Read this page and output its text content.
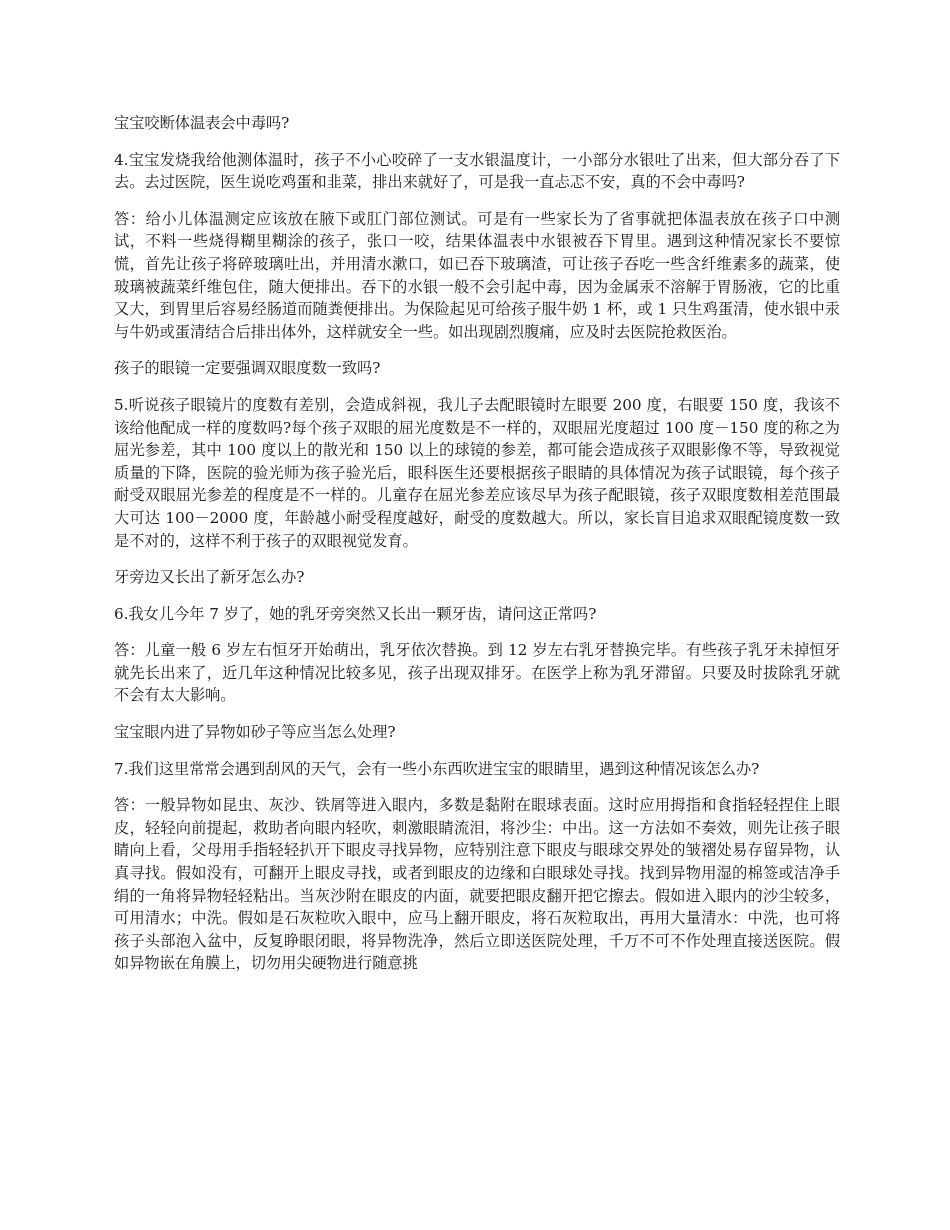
宝宝咬断体温表会中毒吗?

4.宝宝发烧我给他测体温时，孩子不小心咬碎了一支水银温度计，一小部分水银吐了出来，但大部分吞了下去。去过医院，医生说吃鸡蛋和韭菜，排出来就好了，可是我一直忐忑不安，真的不会中毒吗?

答：给小儿体温测定应该放在腋下或肛门部位测试。可是有一些家长为了省事就把体温表放在孩子口中测试，不料一些烧得糊里糊涂的孩子，张口一咬，结果体温表中水银被吞下胃里。遇到这种情况家长不要惊慌，首先让孩子将碎玻璃吐出，并用清水漱口，如已吞下玻璃渣，可让孩子吞吃一些含纤维素多的蔬菜，使玻璃被蔬菜纤维包住，随大便排出。吞下的水银一般不会引起中毒，因为金属汞不溶解于胃肠液，它的比重又大，到胃里后容易经肠道而随粪便排出。为保险起见可给孩子服牛奶 1 杯，或 1 只生鸡蛋清，使水银中汞与牛奶或蛋清结合后排出体外，这样就安全一些。如出现剧烈腹痛，应及时去医院抢救医治。

孩子的眼镜一定要强调双眼度数一致吗?

5.听说孩子眼镜片的度数有差别，会造成斜视，我儿子去配眼镜时左眼要 200 度，右眼要 150 度，我该不该给他配成一样的度数吗?每个孩子双眼的屈光度数是不一样的，双眼屈光度超过 100 度－150 度的称之为屈光参差，其中 100 度以上的散光和 150 以上的球镜的参差，都可能会造成孩子双眼影像不等，导致视觉质量的下降，医院的验光师为孩子验光后，眼科医生还要根据孩子眼睛的具体情况为孩子试眼镜，每个孩子耐受双眼屈光参差的程度是不一样的。儿童存在屈光参差应该尽早为孩子配眼镜，孩子双眼度数相差范围最大可达 100－2000 度，年龄越小耐受程度越好，耐受的度数越大。所以，家长盲目追求双眼配镜度数一致是不对的，这样不利于孩子的双眼视觉发育。

牙旁边又长出了新牙怎么办?

6.我女儿今年 7 岁了，她的乳牙旁突然又长出一颗牙齿，请问这正常吗?

答：儿童一般 6 岁左右恒牙开始萌出，乳牙依次替换。到 12 岁左右乳牙替换完毕。有些孩子乳牙未掉恒牙就先长出来了，近几年这种情况比较多见，孩子出现双排牙。在医学上称为乳牙滞留。只要及时拔除乳牙就不会有太大影响。

宝宝眼内进了异物如砂子等应当怎么处理?

7.我们这里常常会遇到刮风的天气，会有一些小东西吹进宝宝的眼睛里，遇到这种情况该怎么办?

答：一般异物如昆虫、灰沙、铁屑等进入眼内，多数是黏附在眼球表面。这时应用拇指和食指轻轻捏住上眼皮，轻轻向前提起，救助者向眼内轻吹，刺激眼睛流泪，将沙尘：中出。这一方法如不奏效，则先让孩子眼睛向上看，父母用手指轻轻扒开下眼皮寻找异物，应特别注意下眼皮与眼球交界处的皱褶处易存留异物，认真寻找。假如没有，可翻开上眼皮寻找，或者到眼皮的边缘和白眼球处寻找。找到异物用湿的棉签或洁净手绢的一角将异物轻轻粘出。当灰沙附在眼皮的内面，就要把眼皮翻开把它擦去。假如进入眼内的沙尘较多，可用清水；中洗。假如是石灰粒吹入眼中，应马上翻开眼皮，将石灰粒取出，再用大量清水：中洗，也可将孩子头部泡入盆中，反复睁眼闭眼，将异物洗净，然后立即送医院处理，千万不可不作处理直接送医院。假如异物嵌在角膜上，切勿用尖硬物进行随意挑
